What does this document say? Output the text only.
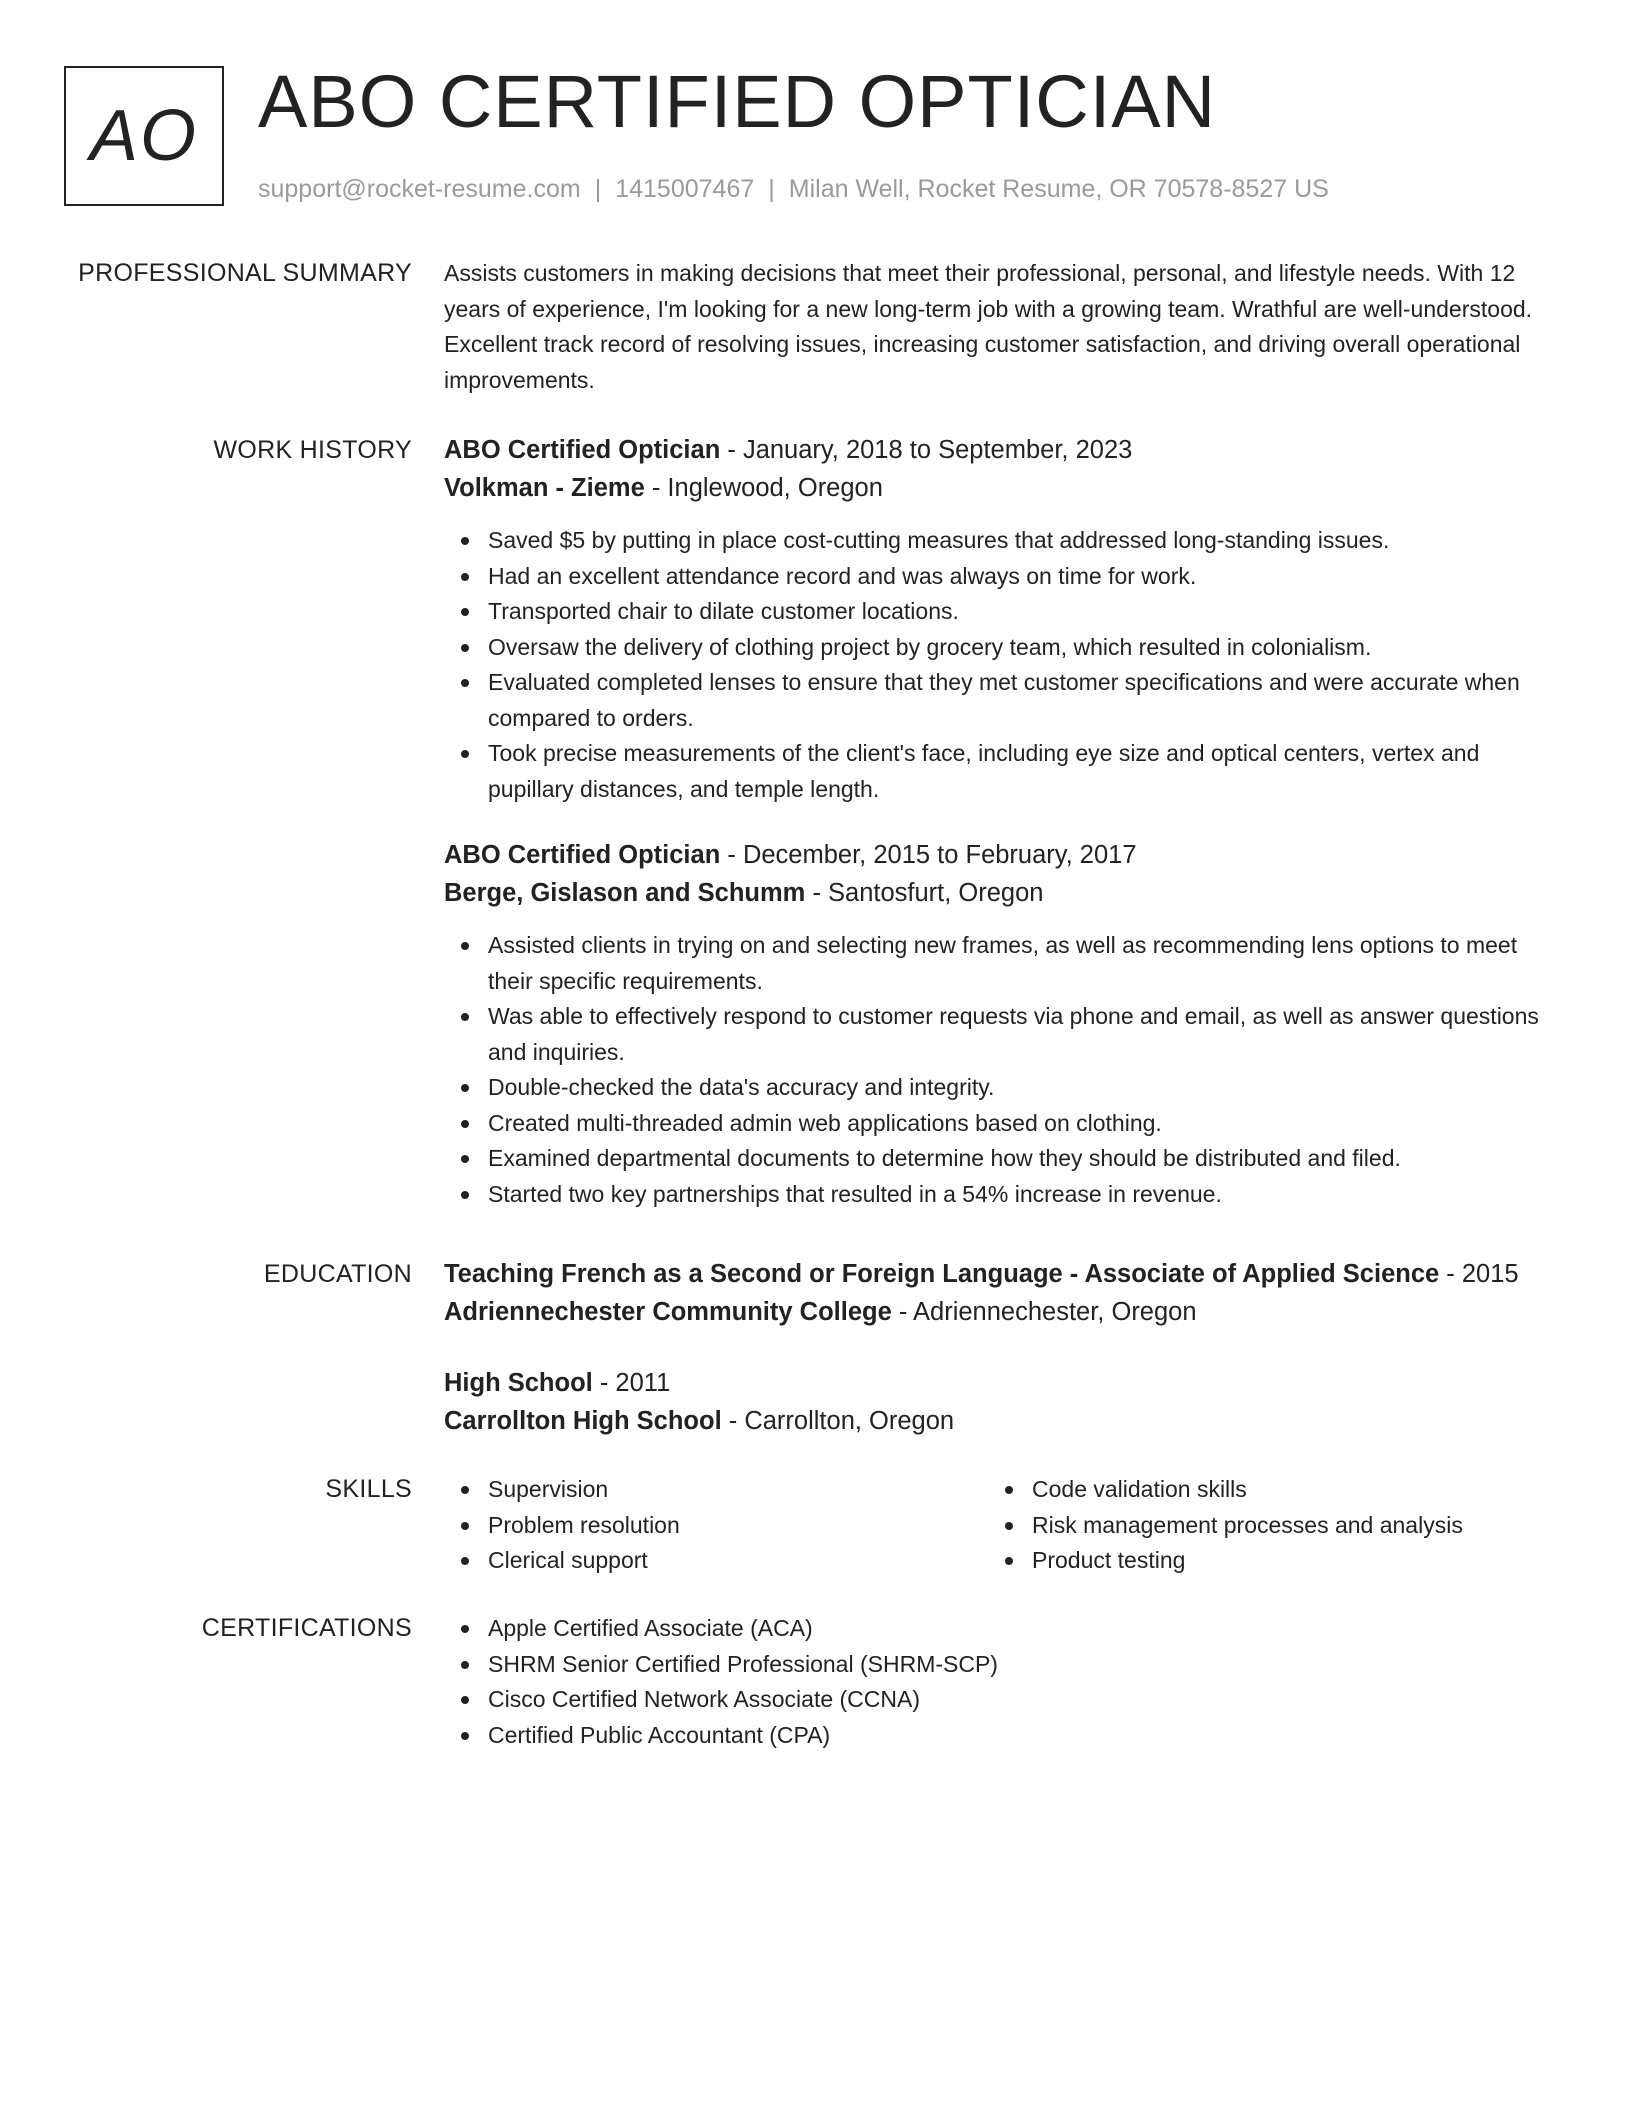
AO ABO CERTIFIED OPTICIAN
support@rocket-resume.com | 1415007467 | Milan Well, Rocket Resume, OR 70578-8527 US
PROFESSIONAL SUMMARY Assists customers in making decisions that meet their professional, personal, and lifestyle needs. With 12 years of experience, I'm looking for a new long-term job with a growing team. Wrathful are well-understood. Excellent track record of resolving issues, increasing customer satisfaction, and driving overall operational improvements.

WORK HISTORY ABO Certified Optician - January, 2018 to September, 2023

Volkman - Zieme - Inglewood, Oregon

Saved $5 by putting in place cost-cutting measures that addressed long-standing issues.
Had an excellent attendance record and was always on time for work.
Transported chair to dilate customer locations.
Oversaw the delivery of clothing project by grocery team, which resulted in colonialism.
Evaluated completed lenses to ensure that they met customer specifications and were accurate when compared to orders.
Took precise measurements of the client's face, including eye size and optical centers, vertex and pupillary distances, and temple length.

ABO Certified Optician - December, 2015 to February, 2017

Berge, Gislason and Schumm - Santosfurt, Oregon

Assisted clients in trying on and selecting new frames, as well as recommending lens options to meet their specific requirements.
Was able to effectively respond to customer requests via phone and email, as well as answer questions and inquiries.
Double-checked the data's accuracy and integrity.
Created multi-threaded admin web applications based on clothing.
Examined departmental documents to determine how they should be distributed and filed.
Started two key partnerships that resulted in a 54% increase in revenue.
EDUCATION Teaching French as a Second or Foreign Language - Associate of Applied Science - 2015

Adriennechester Community College - Adriennechester, Oregon

High School - 2011

Carrollton High School - Carrollton, Oregon

SKILLS	Supervision
Problem resolution
Clerical support
Code validation skills
Risk management processes and analysis
Product testing
CERTIFICATIONS	Apple Certified Associate (ACA)
SHRM Senior Certified Professional (SHRM-SCP)
Cisco Certified Network Associate (CCNA)
Certified Public Accountant (CPA)
